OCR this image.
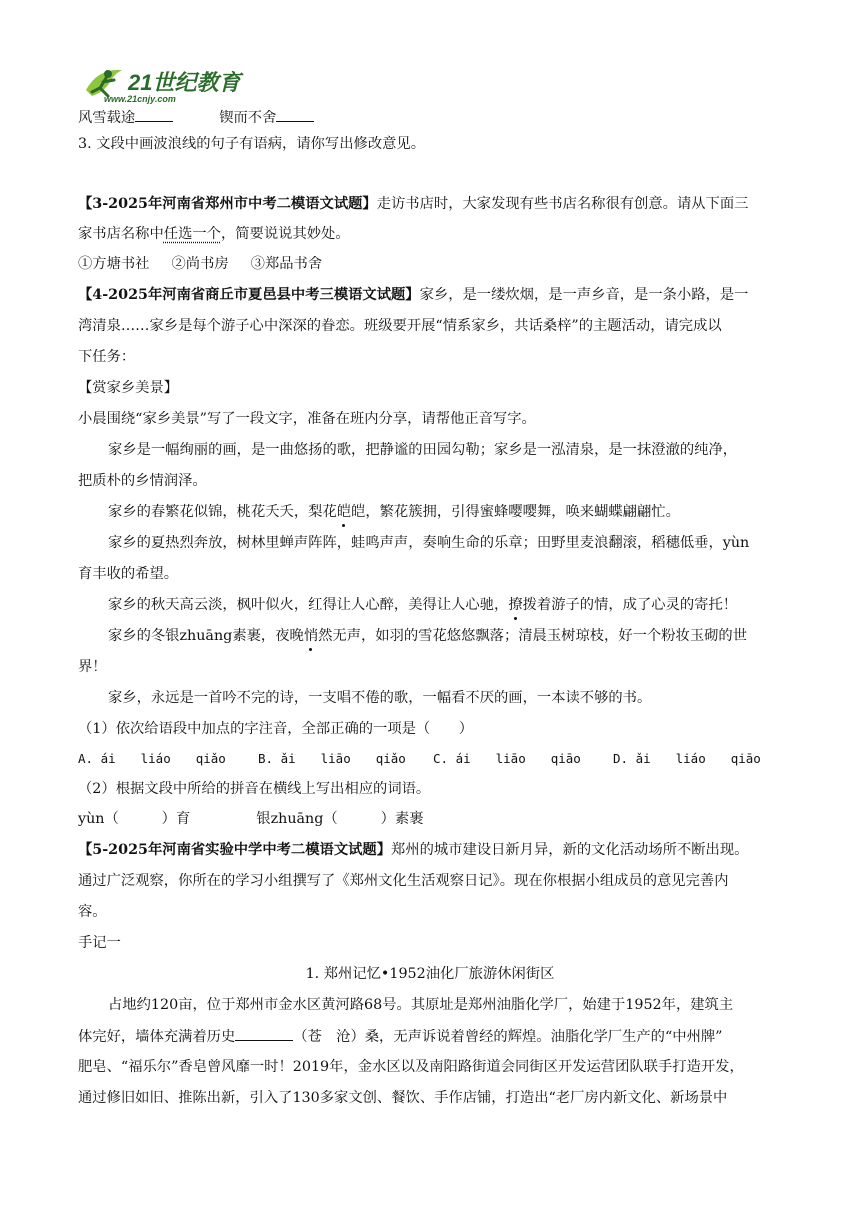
21世纪教育
www.21cnjy.com
风雪载途	锲而不舍
3. 文段中画波浪线的句子有语病，请你写出修改意见。
【3-2025年河南省郑州市中考二模语文试题】走访书店时，大家发现有些书店名称很有创意。请从下面三
家书店名称中任选一个，简要说说其妙处。
①方塘书社 ②尚书房 ③郑品书舍
【4-2025年河南省商丘市夏邑县中考三模语文试题】家乡，是一缕炊烟，是一声乡音，是一条小路，是一
湾清泉……家乡是每个游子心中深深的眷恋。班级要开展“情系家乡，共话桑梓”的主题活动，请完成以
下任务：
【赏家乡美景】
小晨围绕“家乡美景”写了一段文字，准备在班内分享，请帮他正音写字。
家乡是一幅绚丽的画，是一曲悠扬的歌，把静谧的田园勾勒；家乡是一泓清泉，是一抹澄澈的纯净，
把质朴的乡情润泽。
家乡的春繁花似锦，桃花夭夭，梨花皑皑，繁花簇拥，引得蜜蜂嘤嘤舞，唤来蝴蝶翩翩忙。
家乡的夏热烈奔放，树林里蝉声阵阵，蛙鸣声声，奏响生命的乐章；田野里麦浪翻滚，稻穗低垂，yùn
育丰收的希望。
家乡的秋天高云淡，枫叶似火，红得让人心醉，美得让人心驰，撩拨着游子的情，成了心灵的寄托！
家乡的冬银zhuāng素裹，夜晚悄然无声，如羽的雪花悠悠飘落；清晨玉树琼枝，好一个粉妆玉砌的世
界！
家乡，永远是一首吟不完的诗，一支唱不倦的歌，一幅看不厌的画，一本读不够的书。
（1）依次给语段中加点的字注音，全部正确的一项是（　　）
A. ái　　liáo　　qiǎo	B. ǎi　　liāo　　qiǎo C. ái　　liāo　　qiāo	D. ǎi　　liáo　　qiāo
（2）根据文段中所给的拼音在横线上写出相应的词语。
yùn（　　　）育	银zhuāng（　　　）素裹
【5-2025年河南省实验中学中考二模语文试题】郑州的城市建设日新月异，新的文化活动场所不断出现。
通过广泛观察，你所在的学习小组撰写了《郑州文化生活观察日记》。现在你根据小组成员的意见完善内
容。
手记一
1. 郑州记忆•1952油化厂旅游休闲街区
占地约120亩，位于郑州市金水区黄河路68号。其原址是郑州油脂化学厂，始建于1952年，建筑主
体完好，墙体充满着历史	（苍　沧）桑，无声诉说着曾经的辉煌。油脂化学厂生产的“中州牌”
肥皂、“福乐尔”香皂曾风靡一时！2019年，金水区以及南阳路街道会同街区开发运营团队联手打造开发，
通过修旧如旧、推陈出新，引入了130多家文创、餐饮、手作店铺，打造出“老厂房内新文化、新场景中
